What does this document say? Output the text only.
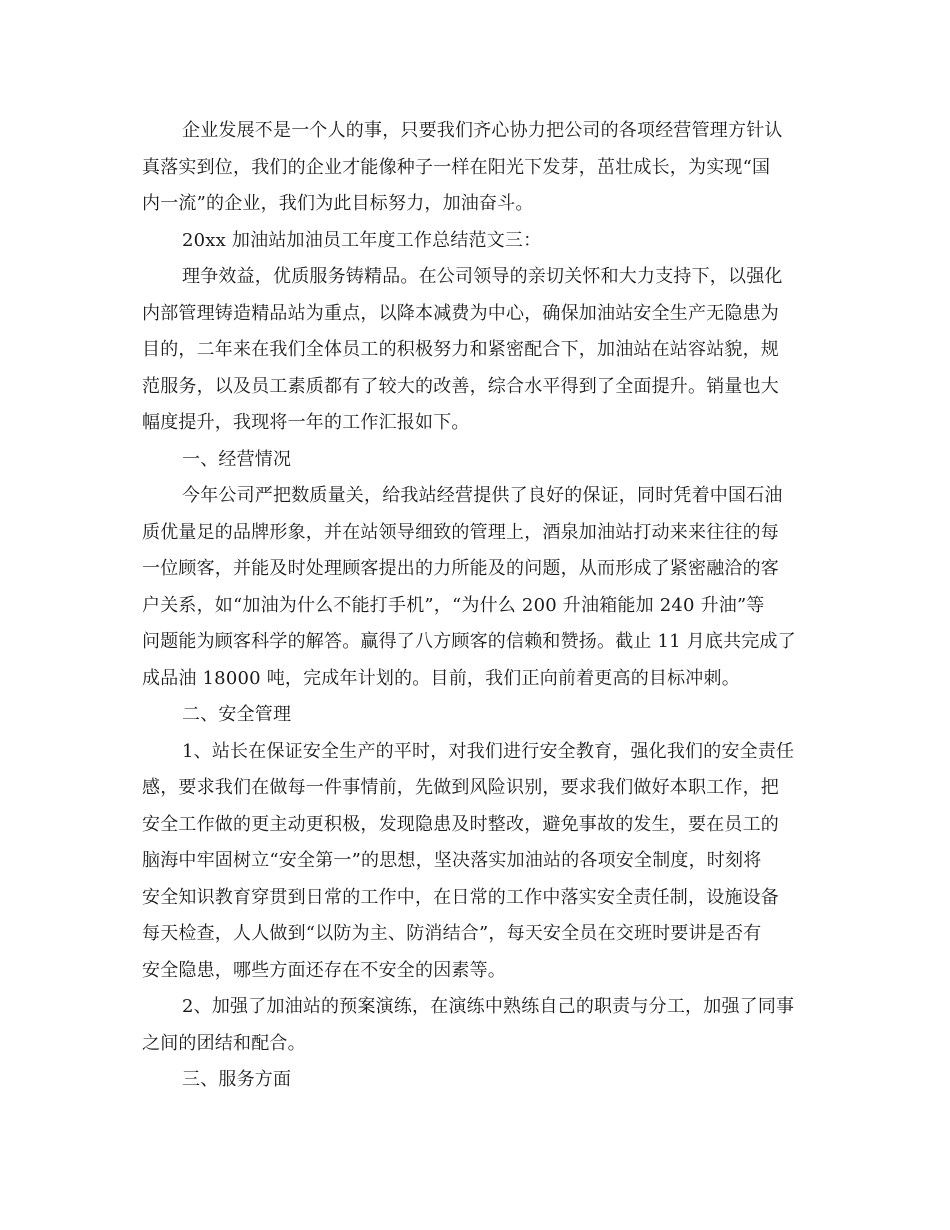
企业发展不是一个人的事，只要我们齐心协力把公司的各项经营管理方针认
真落实到位，我们的企业才能像种子一样在阳光下发芽，茁壮成长，为实现“国
内一流”的企业，我们为此目标努力，加油奋斗。
20xx 加油站加油员工年度工作总结范文三：
理争效益，优质服务铸精品。在公司领导的亲切关怀和大力支持下，以强化
内部管理铸造精品站为重点，以降本减费为中心，确保加油站安全生产无隐患为
目的，二年来在我们全体员工的积极努力和紧密配合下，加油站在站容站貌，规
范服务，以及员工素质都有了较大的改善，综合水平得到了全面提升。销量也大
幅度提升，我现将一年的工作汇报如下。
一、经营情况
今年公司严把数质量关，给我站经营提供了良好的保证，同时凭着中国石油
质优量足的品牌形象，并在站领导细致的管理上，酒泉加油站打动来来往往的每
一位顾客，并能及时处理顾客提出的力所能及的问题，从而形成了紧密融洽的客
户关系，如“加油为什么不能打手机”，“为什么 200 升油箱能加 240 升油”等
问题能为顾客科学的解答。赢得了八方顾客的信赖和赞扬。截止 11 月底共完成了
成品油 18000 吨，完成年计划的。目前，我们正向前着更高的目标冲刺。
二、安全管理
1、站长在保证安全生产的平时，对我们进行安全教育，强化我们的安全责任
感，要求我们在做每一件事情前，先做到风险识别，要求我们做好本职工作，把
安全工作做的更主动更积极，发现隐患及时整改，避免事故的发生，要在员工的
脑海中牢固树立“安全第一”的思想，坚决落实加油站的各项安全制度，时刻将
安全知识教育穿贯到日常的工作中，在日常的工作中落实安全责任制，设施设备
每天检查，人人做到“以防为主、防消结合”，每天安全员在交班时要讲是否有
安全隐患，哪些方面还存在不安全的因素等。
2、加强了加油站的预案演练，在演练中熟练自己的职责与分工，加强了同事
之间的团结和配合。
三、服务方面
